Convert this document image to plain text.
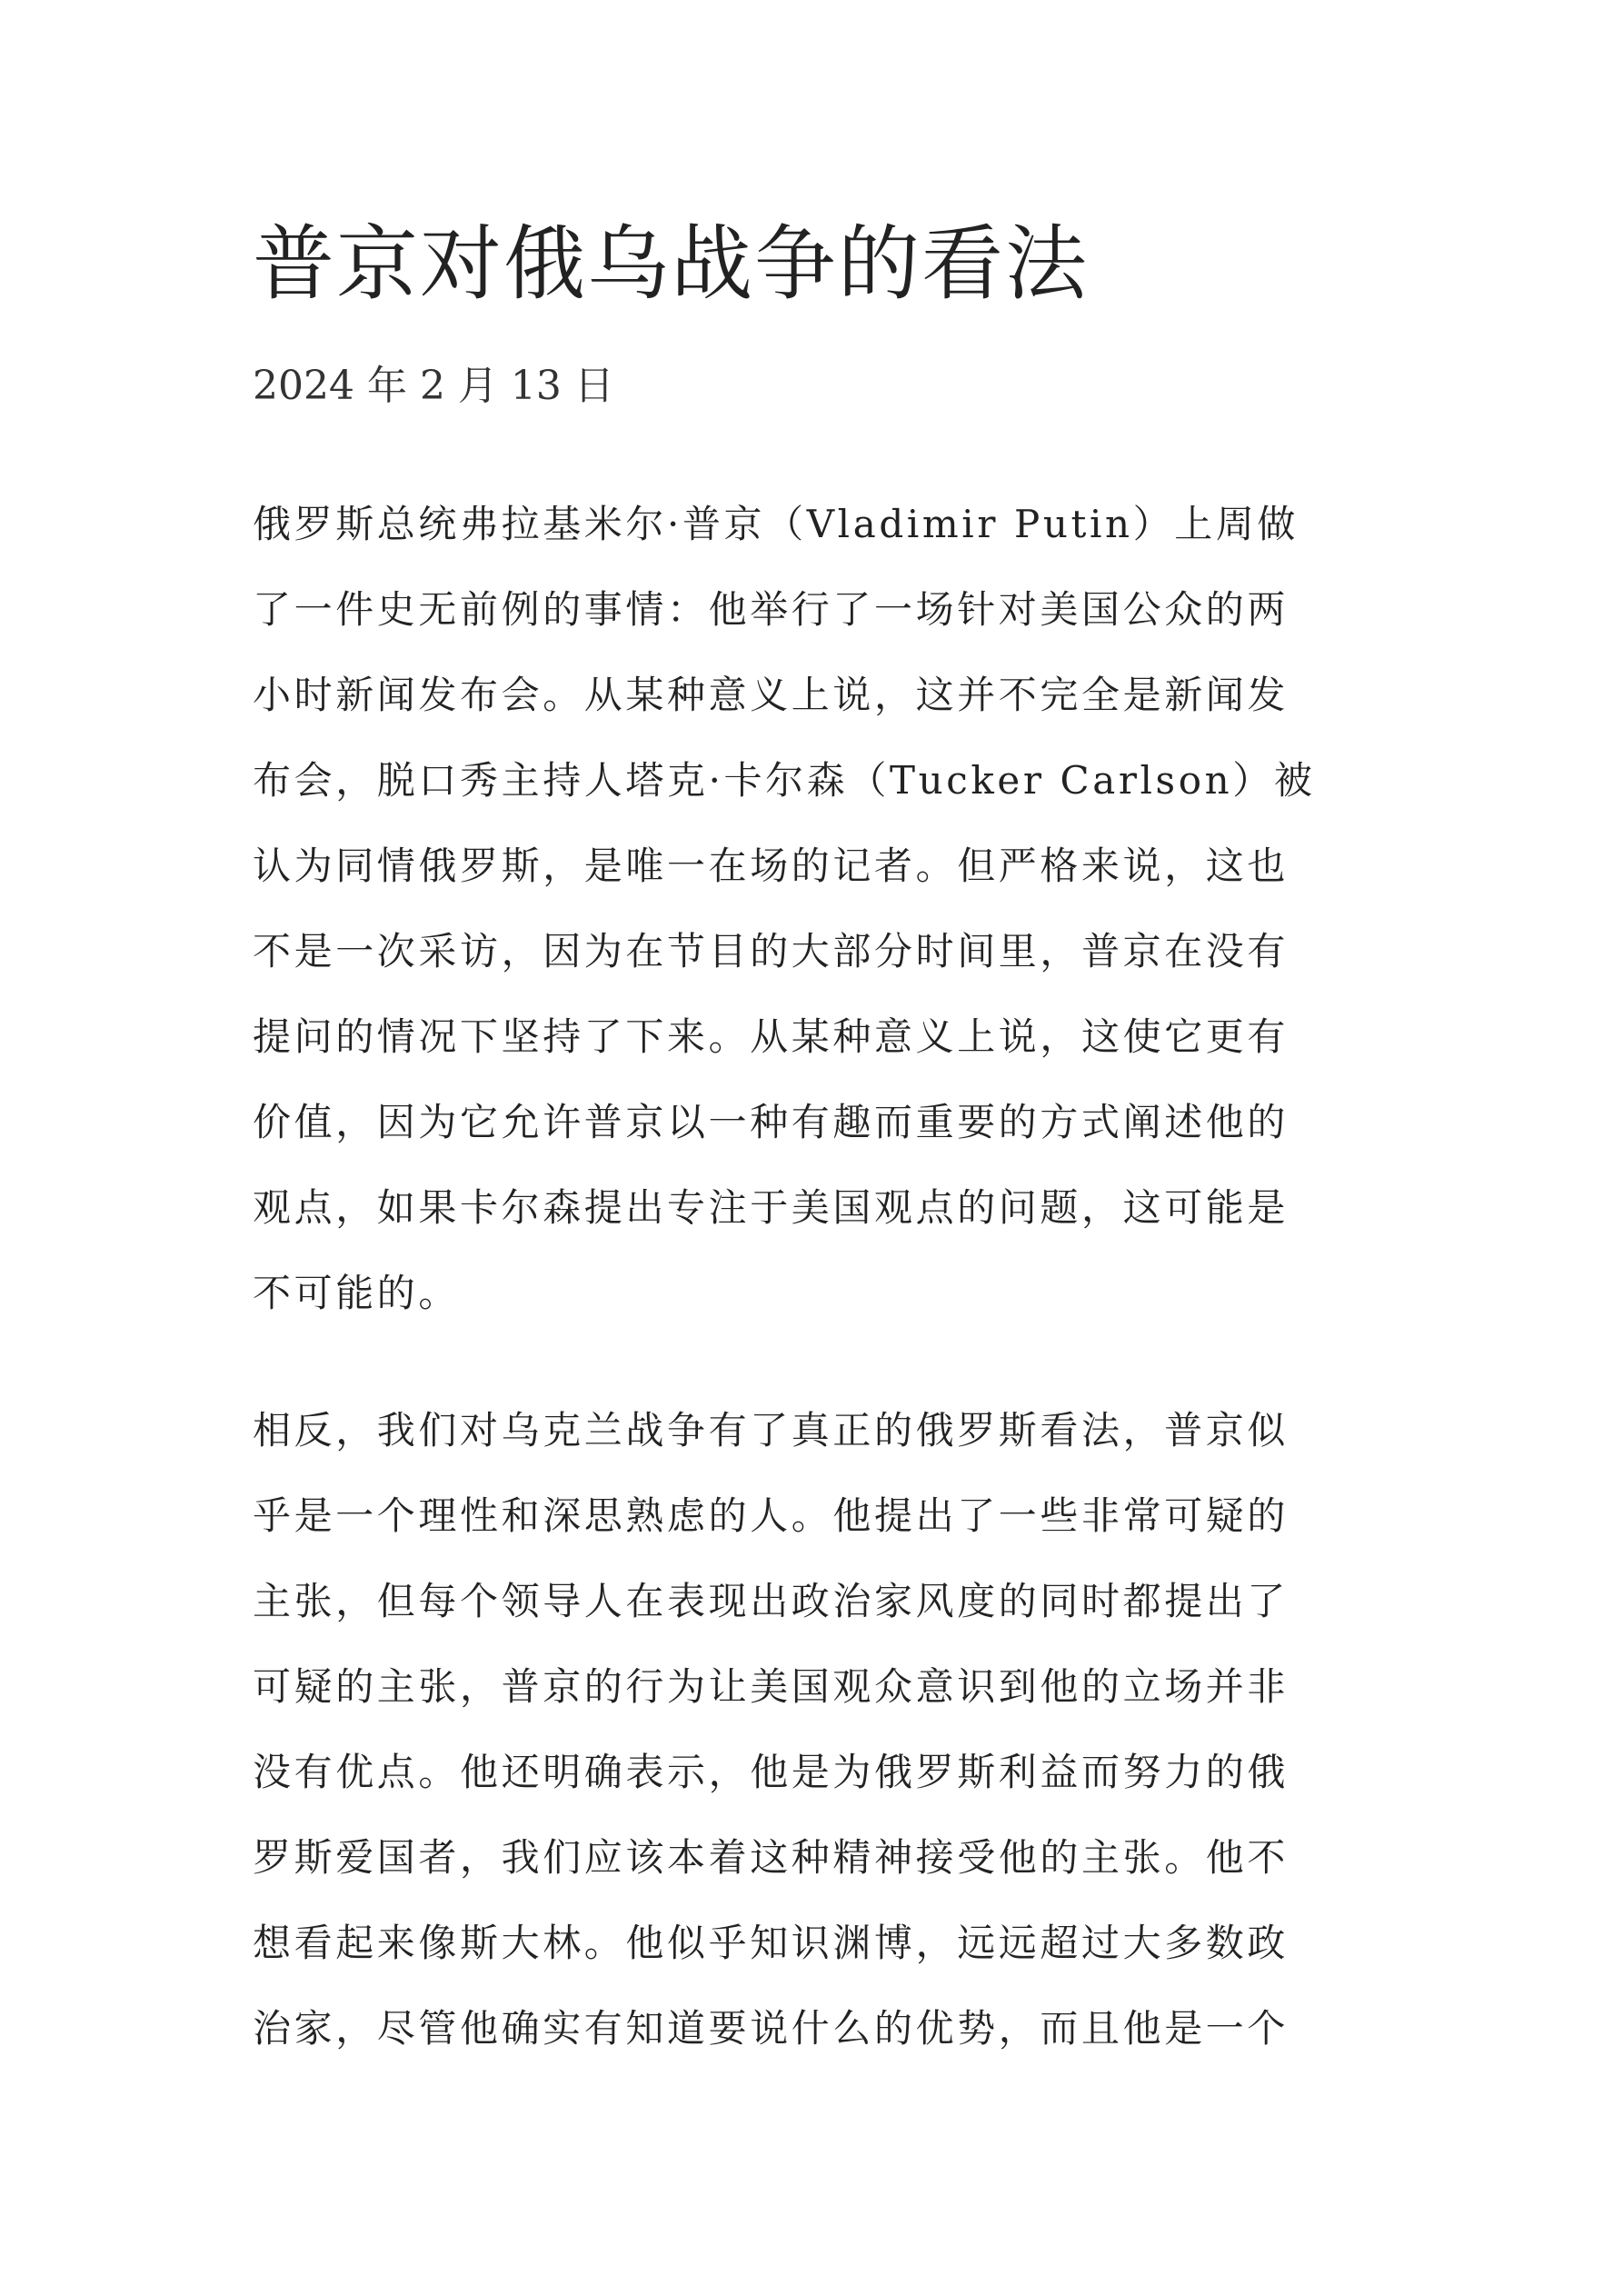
普京对俄乌战争的看法

2024 年 2 月 13 日

俄罗斯总统弗拉基米尔·普京（Vladimir Putin）上周做
了一件史无前例的事情：他举行了一场针对美国公众的两
小时新闻发布会。从某种意义上说，这并不完全是新闻发
布会，脱口秀主持人塔克·卡尔森（Tucker Carlson）被
认为同情俄罗斯，是唯一在场的记者。但严格来说，这也
不是一次采访，因为在节目的大部分时间里，普京在没有
提问的情况下坚持了下来。从某种意义上说，这使它更有
价值，因为它允许普京以一种有趣而重要的方式阐述他的
观点，如果卡尔森提出专注于美国观点的问题，这可能是
不可能的。
相反，我们对乌克兰战争有了真正的俄罗斯看法，普京似
乎是一个理性和深思熟虑的人。他提出了一些非常可疑的
主张，但每个领导人在表现出政治家风度的同时都提出了
可疑的主张，普京的行为让美国观众意识到他的立场并非
没有优点。他还明确表示，他是为俄罗斯利益而努力的俄
罗斯爱国者，我们应该本着这种精神接受他的主张。他不
想看起来像斯大林。他似乎知识渊博，远远超过大多数政
治家，尽管他确实有知道要说什么的优势，而且他是一个
